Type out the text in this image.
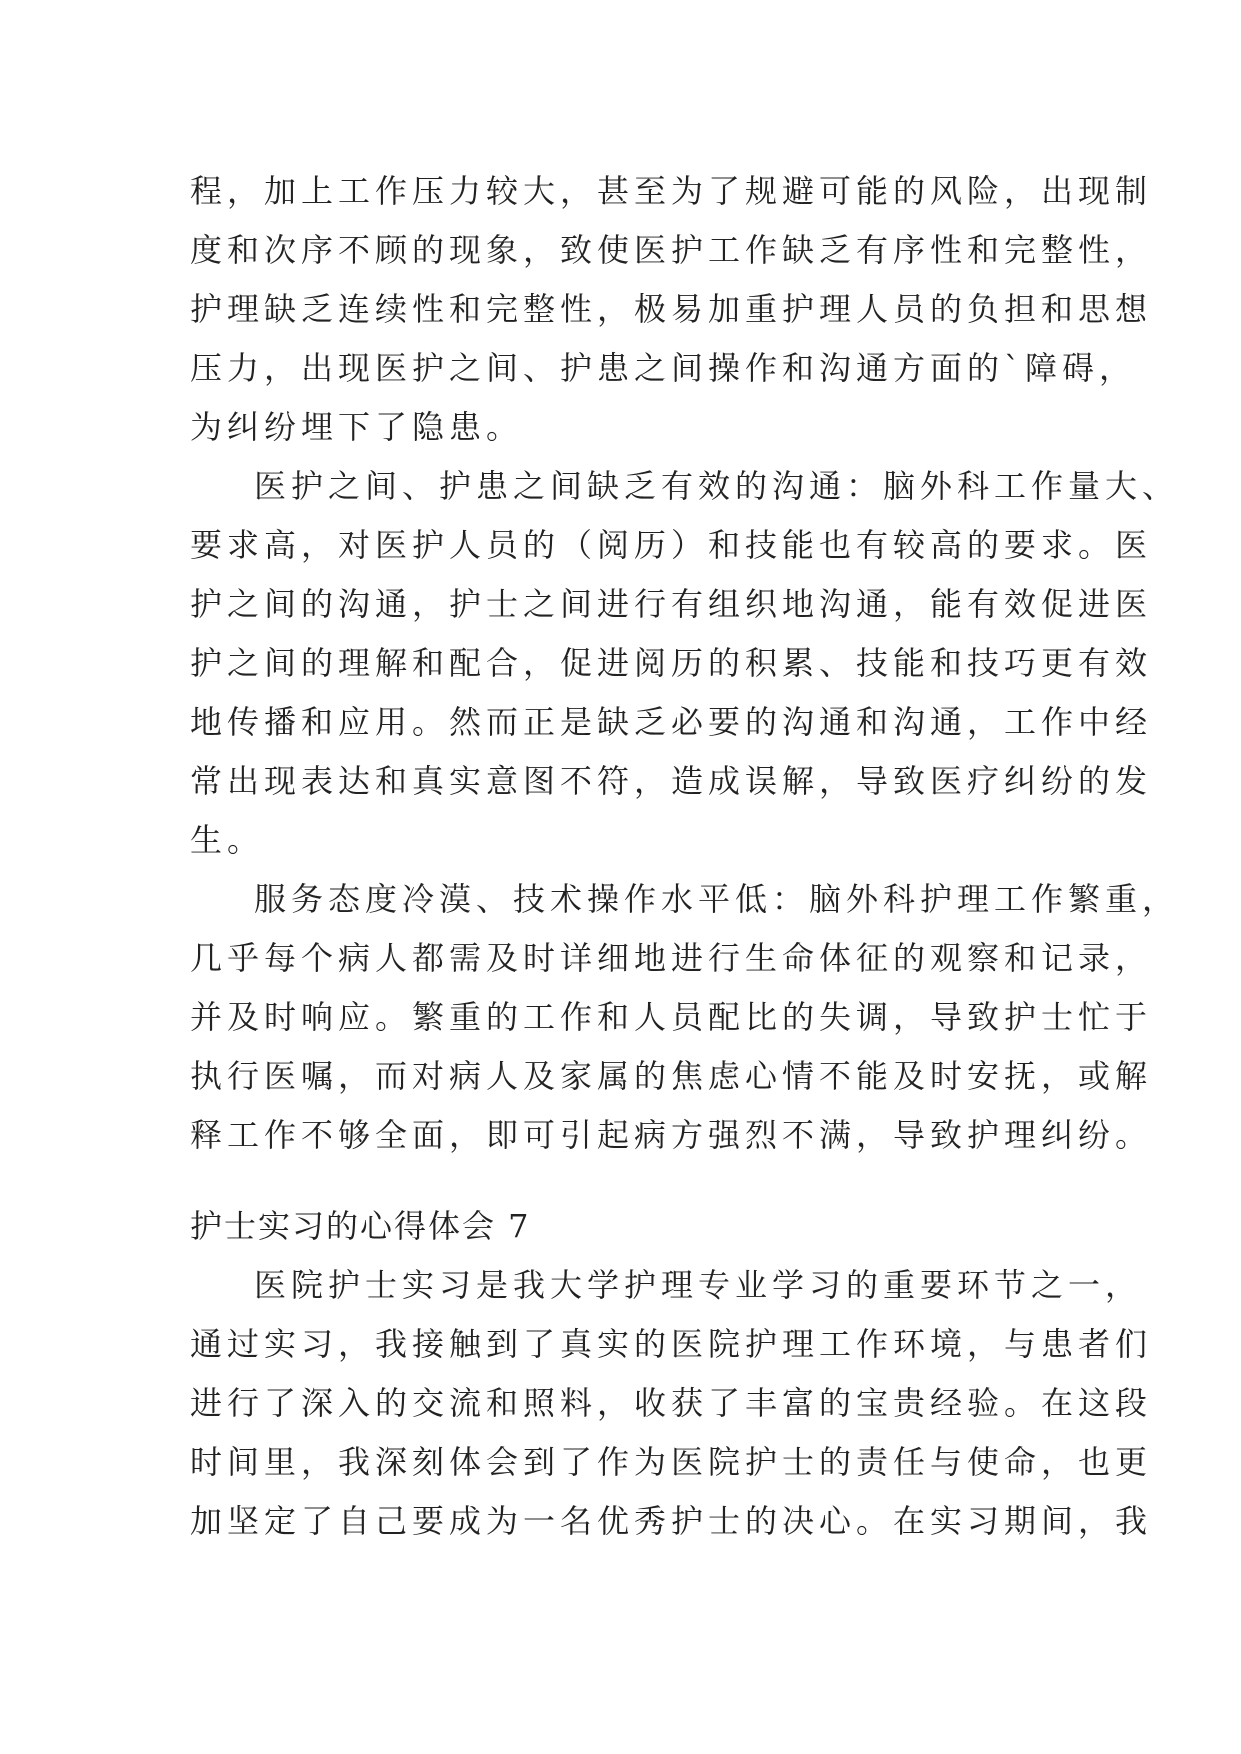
程，加上工作压力较大，甚至为了规避可能的风险，出现制
度和次序不顾的现象，致使医护工作缺乏有序性和完整性，
护理缺乏连续性和完整性，极易加重护理人员的负担和思想
压力，出现医护之间、护患之间操作和沟通方面的`障碍，
为纠纷埋下了隐患。
医护之间、护患之间缺乏有效的沟通：脑外科工作量大、
要求高，对医护人员的（阅历）和技能也有较高的要求。医
护之间的沟通，护士之间进行有组织地沟通，能有效促进医
护之间的理解和配合，促进阅历的积累、技能和技巧更有效
地传播和应用。然而正是缺乏必要的沟通和沟通，工作中经
常出现表达和真实意图不符，造成误解，导致医疗纠纷的发
生。
服务态度冷漠、技术操作水平低：脑外科护理工作繁重，
几乎每个病人都需及时详细地进行生命体征的观察和记录，
并及时响应。繁重的工作和人员配比的失调，导致护士忙于
执行医嘱，而对病人及家属的焦虑心情不能及时安抚，或解
释工作不够全面，即可引起病方强烈不满，导致护理纠纷。
护士实习的心得体会 7
医院护士实习是我大学护理专业学习的重要环节之一，
通过实习，我接触到了真实的医院护理工作环境，与患者们
进行了深入的交流和照料，收获了丰富的宝贵经验。在这段
时间里，我深刻体会到了作为医院护士的责任与使命，也更
加坚定了自己要成为一名优秀护士的决心。在实习期间，我
